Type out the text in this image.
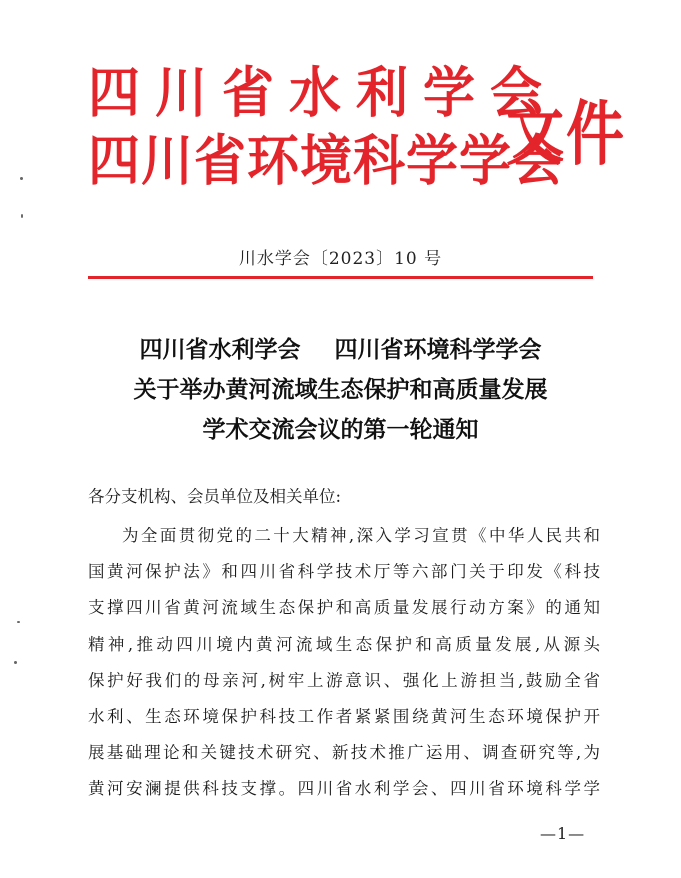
四川省水利学会
四川省环境科学学会
文件
川水学会〔2023〕10 号
四川省水利学会 四川省环境科学学会
关于举办黄河流域生态保护和高质量发展
学术交流会议的第一轮通知
各分支机构、会员单位及相关单位:
为全面贯彻党的二十大精神,深入学习宣贯《中华人民共和
国黄河保护法》和四川省科学技术厅等六部门关于印发《科技
支撑四川省黄河流域生态保护和高质量发展行动方案》的通知
精神,推动四川境内黄河流域生态保护和高质量发展,从源头
保护好我们的母亲河,树牢上游意识、强化上游担当,鼓励全省
水利、生态环境保护科技工作者紧紧围绕黄河生态环境保护开
展基础理论和关键技术研究、新技术推广运用、调查研究等,为
黄河安澜提供科技支撑。四川省水利学会、四川省环境科学学
—1—
